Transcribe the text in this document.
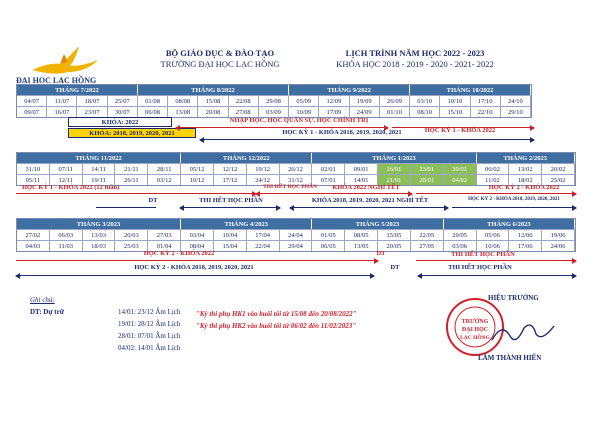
ĐẠI HỌC LẠC HỒNG
BỘ GIÁO DỤC & ĐÀO TẠO
TRƯỜNG ĐẠI HỌC LẠC HỒNG
LỊCH TRÌNH NĂM HỌC 2022 - 2023
KHÓA HỌC 2018 - 2019 - 2020 - 2021- 2022
THÁNG 7/2022	THÁNG 8/2022	THÁNG 9/2022	THÁNG 10/2022
04/07	11/07	18/07	25/07	01/08	08/08	15/08	22/08	29/08	05/09	12/09	19/09	26/09	03/10	10/10	17/10	24/10
09/07	16/07	23/07	30/07	06/08	13/08	20/08	27/08	03/09	10/09	17/09	24/09	01/10	08/10	15/10	22/10	29/10
KHÓA: 2022
KHÓA: 2018, 2019, 2020, 2021
NHẬP HỌC, HỌC QUÂN SỰ, HỌC CHÍNH TRỊ
HỌC KỲ 1 - KHÓA 2022
HỌC KỲ 1 - KHÓA 2018, 2019, 2020, 2021
THÁNG 11/2022	THÁNG 12/2022	THÁNG 1/2023	THÁNG 2/2023
31/10	07/11	14/11	21/11	28/11	05/12	12/12	19/12	26/12	02/01	09/01	16/01	23/01	30/01	06/02	13/02	20/02
05/11	12/11	19/11	26/11	03/12	10/12	17/12	24/12	31/12	07/01	14/01	21/01	28/01	04/02	11/02	18/02	25/02
HỌC KỲ 1 - KHÓA 2022 (12 tuần)	THI HẾT HỌC PHẦN	KHÓA 2022 NGHỈ TẾT	HỌC KỲ 2 - KHÓA 2022
DT	THI HẾT HỌC PHẦN	KHÓA 2018, 2019, 2020, 2021 NGHỈ TẾT	HỌC KỲ 2 - KHÓA 2018, 2019, 2020, 2021
THÁNG 3/2023	THÁNG 4/2023	THÁNG 5/2023	THÁNG 6/2023
27/02	06/03	13/03	20/03	27/03	03/04	10/04	17/04	24/04	01/05	08/05	15/05	22/05	29/05	05/06	12/06	19/06
04/03	11/03	18/03	25/03	01/04	08/04	15/04	22/04	29/04	06/05	13/05	20/05	27/05	03/06	10/06	17/06	24/06
HỌC KỲ 2 - KHÓA 2022	DT	THI HẾT HỌC PHẦN
HỌC KỲ 2 - KHÓA 2018, 2019, 2020, 2021	DT	THI HẾT HỌC PHẦN
Ghi chú:
DT: Dự trữ	14/01: 23/12 Âm Lịch
19/01: 28/12 Âm Lịch
28/01: 07/01 Âm Lịch
04/02: 14/01 Âm Lịch
"Kỳ thi phụ HK1 vào buổi tối từ 15/08 đến 20/08/2022"
"Kỳ thi phụ HK2 vào buổi tối từ 06/02 đến 11/02/2023"
HIỆU TRƯỞNG
TRƯỜNG
ĐẠI HỌC
LẠC HỒNG
LÂM THÀNH HIỂN
